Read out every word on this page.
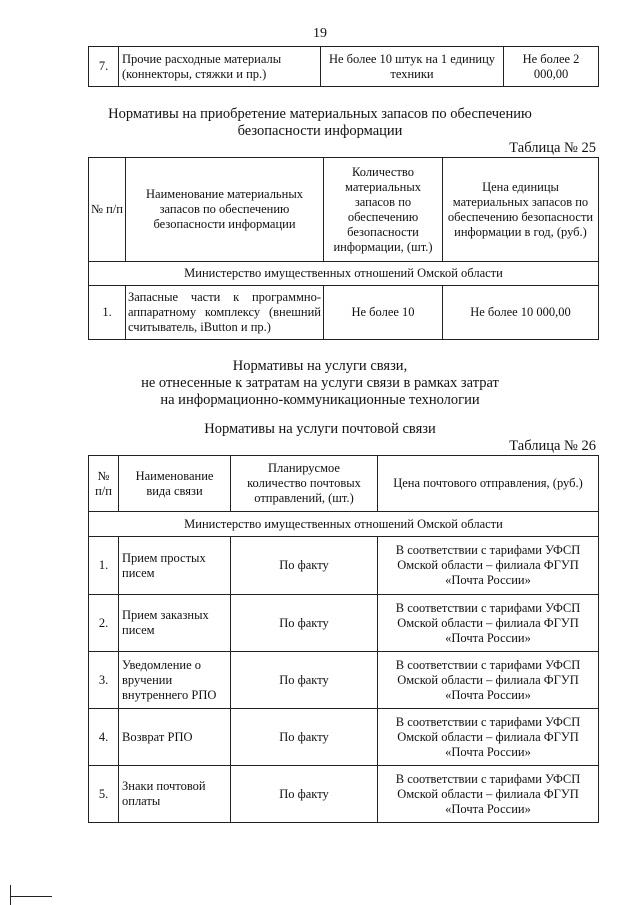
19
7.	Прочие расходные материалы (коннекторы, стяжки и пр.)	Не более 10 штук на 1 единицу техники	Не более 2 000,00
Нормативы на приобретение материальных запасов по обеспечению
безопасности информации
Таблица № 25
№ п/п	Наименование материальных запасов по обеспечению безопасности информации	Количество материальных запасов по обеспечению безопасности информации, (шт.)	Цена единицы материальных запасов по обеспечению безопасности информации в год, (руб.)
Министерство имущественных отношений Омской области			
1.	Запасные части к программно-аппаратному комплексу (внешний считыватель, iButton и пр.)	Не более 10	Не более 10 000,00
Нормативы на услуги связи,
не отнесенные к затратам на услуги связи в рамках затрат
на информационно-коммуникационные технологии
Нормативы на услуги почтовой связи
Таблица № 26
№ п/п	Наименование вида связи	Планирусмое количество почтовых отправлений, (шт.)	Цена почтового отправления, (руб.)
Министерство имущественных отношений Омской области			
1.	Прием простых писем	По факту	В соответствии с тарифами УФСП Омской области – филиала ФГУП «Почта России»
2.	Прием заказных писем	По факту	В соответствии с тарифами УФСП Омской области – филиала ФГУП «Почта России»
3.	Уведомление о вручении внутреннего РПО	По факту	В соответствии с тарифами УФСП Омской области – филиала ФГУП «Почта России»
4.	Возврат РПО	По факту	В соответствии с тарифами УФСП Омской области – филиала ФГУП «Почта России»
5.	Знаки почтовой оплаты	По факту	В соответствии с тарифами УФСП Омской области – филиала ФГУП «Почта России»
